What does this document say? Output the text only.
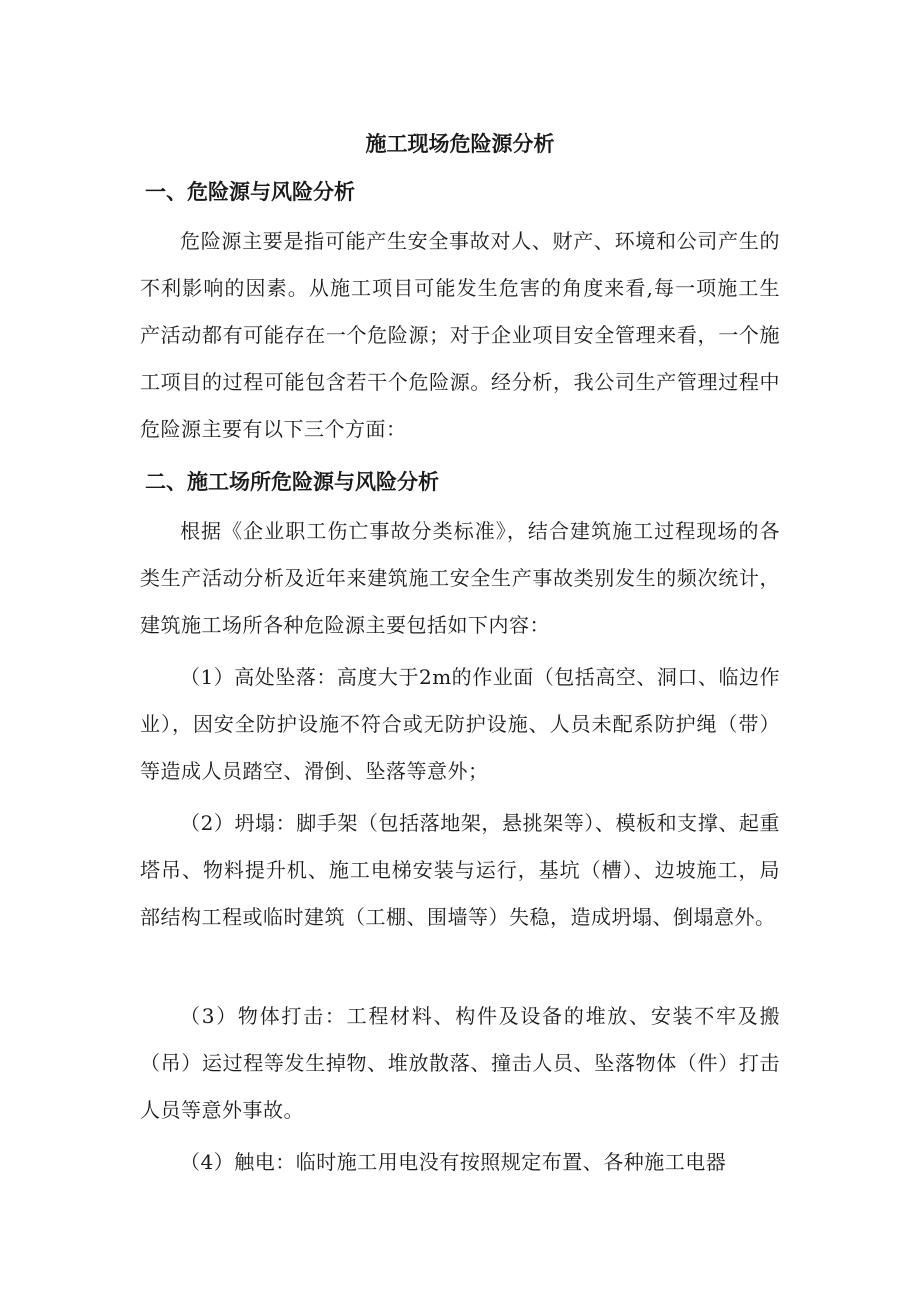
施工现场危险源分析
一、危险源与风险分析

危险源主要是指可能产生安全事故对人、财产、环境和公司产生的不利影响的因素。从施工项目可能发生危害的角度来看,每一项施工生产活动都有可能存在一个危险源；对于企业项目安全管理来看，一个施工项目的过程可能包含若干个危险源。经分析，我公司生产管理过程中危险源主要有以下三个方面：

二、施工场所危险源与风险分析

根据《企业职工伤亡事故分类标准》，结合建筑施工过程现场的各类生产活动分析及近年来建筑施工安全生产事故类别发生的频次统计，建筑施工场所各种危险源主要包括如下内容：

（1）高处坠落：高度大于2m的作业面（包括高空、洞口、临边作业），因安全防护设施不符合或无防护设施、人员未配系防护绳（带）等造成人员踏空、滑倒、坠落等意外；

（2）坍塌：脚手架（包括落地架，悬挑架等）、模板和支撑、起重塔吊、物料提升机、施工电梯安装与运行，基坑（槽）、边坡施工，局部结构工程或临时建筑（工棚、围墙等）失稳，造成坍塌、倒塌意外。

（3）物体打击：工程材料、构件及设备的堆放、安装不牢及搬（吊）运过程等发生掉物、堆放散落、撞击人员、坠落物体（件）打击人员等意外事故。

（4）触电：临时施工用电没有按照规定布置、各种施工电器
